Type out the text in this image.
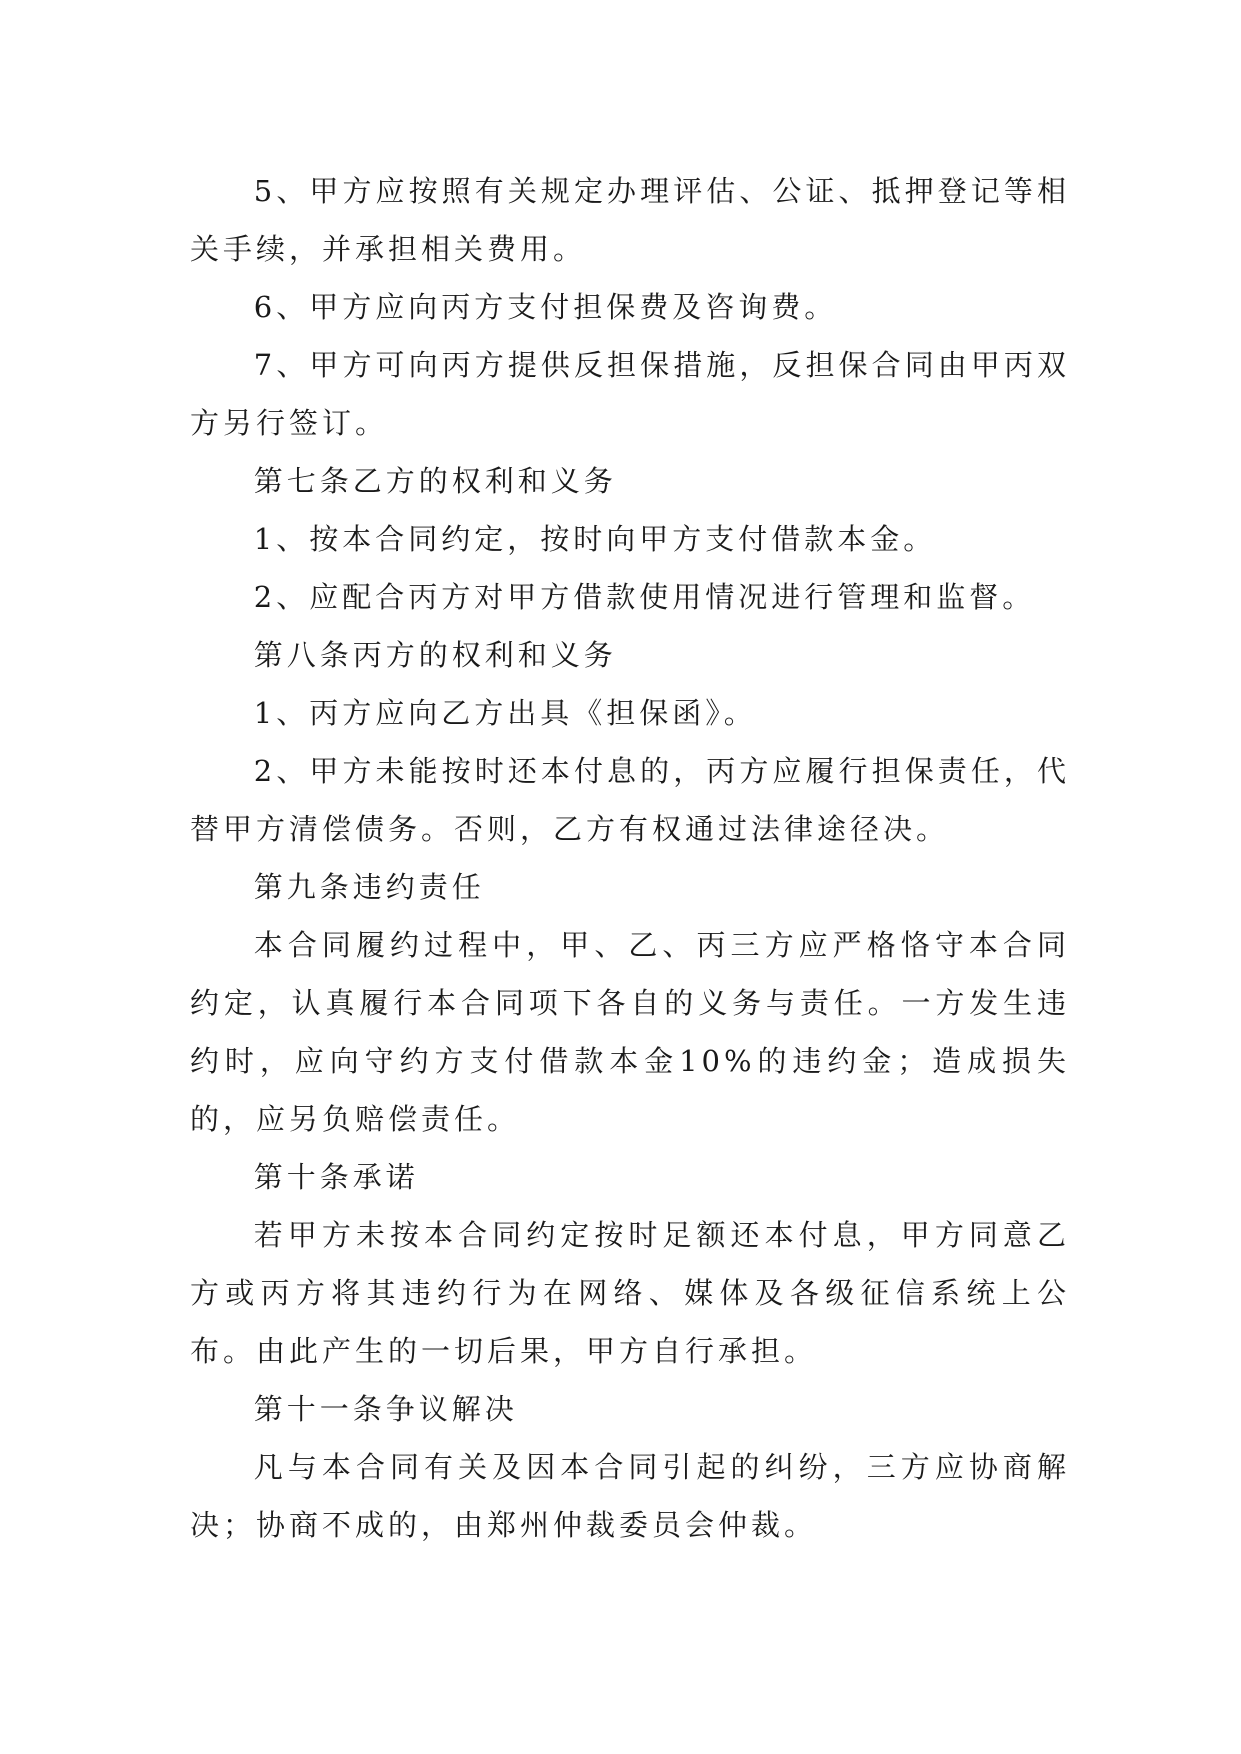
5、甲方应按照有关规定办理评估、公证、抵押登记等相关手续，并承担相关费用。

6、甲方应向丙方支付担保费及咨询费。

7、甲方可向丙方提供反担保措施，反担保合同由甲丙双方另行签订。

第七条乙方的权利和义务

1、按本合同约定，按时向甲方支付借款本金。

2、应配合丙方对甲方借款使用情况进行管理和监督。

第八条丙方的权利和义务

1、丙方应向乙方出具《担保函》。

2、甲方未能按时还本付息的，丙方应履行担保责任，代替甲方清偿债务。否则，乙方有权通过法律途径决。

第九条违约责任

本合同履约过程中，甲、乙、丙三方应严格恪守本合同约定，认真履行本合同项下各自的义务与责任。一方发生违约时，应向守约方支付借款本金10%的违约金；造成损失的，应另负赔偿责任。

第十条承诺

若甲方未按本合同约定按时足额还本付息，甲方同意乙方或丙方将其违约行为在网络、媒体及各级征信系统上公布。由此产生的一切后果，甲方自行承担。

第十一条争议解决

凡与本合同有关及因本合同引起的纠纷，三方应协商解决；协商不成的，由郑州仲裁委员会仲裁。
